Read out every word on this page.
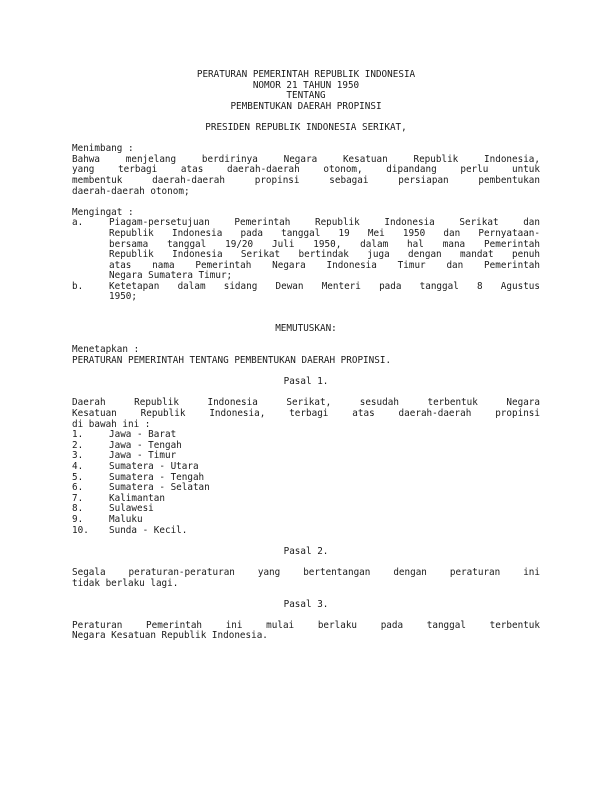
PERATURAN PEMERINTAH REPUBLIK INDONESIA
NOMOR 21 TAHUN 1950
TENTANG
PEMBENTUKAN DAERAH PROPINSI
PRESIDEN REPUBLIK INDONESIA SERIKAT,
Menimbang :
Bahwa menjelang berdirinya Negara Kesatuan Republik Indonesia,
yang terbagi atas daerah-daerah otonom, dipandang perlu untuk
membentuk daerah-daerah propinsi sebagai persiapan pembentukan
daerah-daerah otonom;
Mengingat :
a.	Piagam-persetujuan Pemerintah Republik Indonesia Serikat dan
Republik Indonesia pada tanggal 19 Mei 1950 dan Pernyataan-
bersama tanggal 19/20 Juli 1950, dalam hal mana Pemerintah
Republik Indonesia Serikat bertindak juga dengan mandat penuh
atas nama Pemerintah Negara Indonesia Timur dan Pemerintah
Negara Sumatera Timur;
b.	Ketetapan dalam sidang Dewan Menteri pada tanggal 8 Agustus
1950;
MEMUTUSKAN:
Menetapkan :
PERATURAN PEMERINTAH TENTANG PEMBENTUKAN DAERAH PROPINSI.
Pasal 1.
Daerah Republik Indonesia Serikat, sesudah terbentuk Negara
Kesatuan Republik Indonesia, terbagi atas daerah-daerah propinsi
di bawah ini :
1.	Jawa - Barat
2.	Jawa - Tengah
3.	Jawa - Timur
4.	Sumatera - Utara
5.	Sumatera - Tengah
6.	Sumatera - Selatan
7.	Kalimantan
8.	Sulawesi
9.	Maluku
10.	Sunda - Kecil.
Pasal 2.
Segala peraturan-peraturan yang bertentangan dengan peraturan ini
tidak berlaku lagi.
Pasal 3.
Peraturan Pemerintah ini mulai berlaku pada tanggal terbentuk
Negara Kesatuan Republik Indonesia.
